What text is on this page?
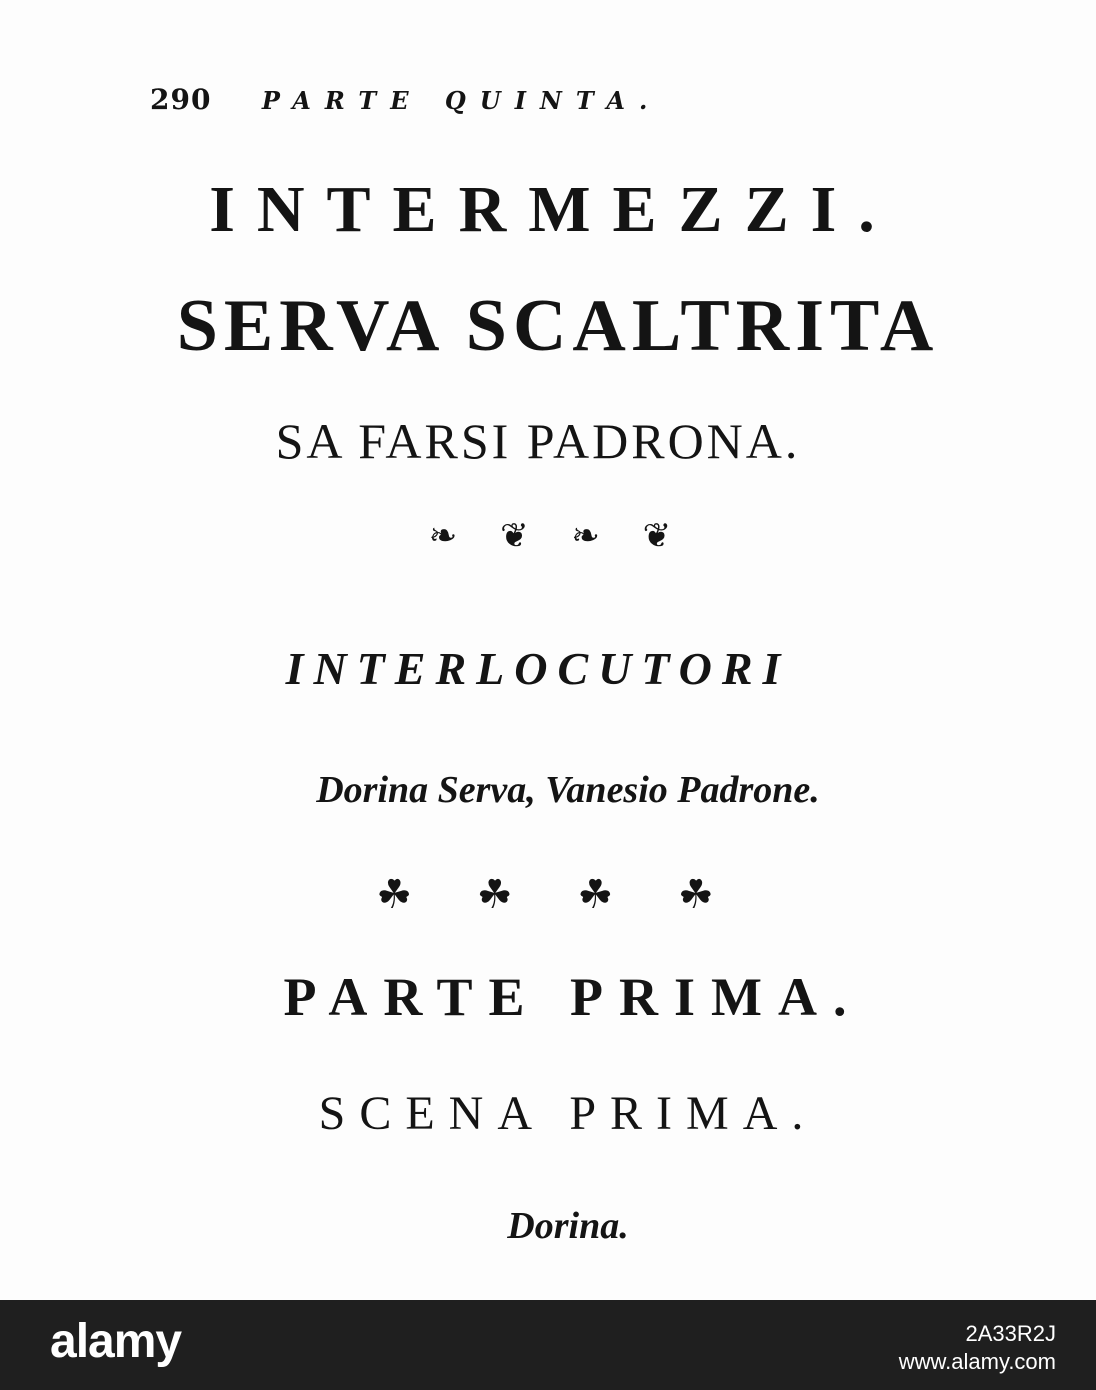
290 PARTE QUINTA.
INTERMEZZI.
SERVA SCALTRITA
SA FARSI PADRONA.
❧ ❦ ❧ ❦
INTERLOCUTORI
Dorina Serva, Vanesio Padrone.
☘ ☘ ☘ ☘
PARTE PRIMA.
SCENA PRIMA.
Dorina.
alamy	2A33R2J
www.alamy.com
